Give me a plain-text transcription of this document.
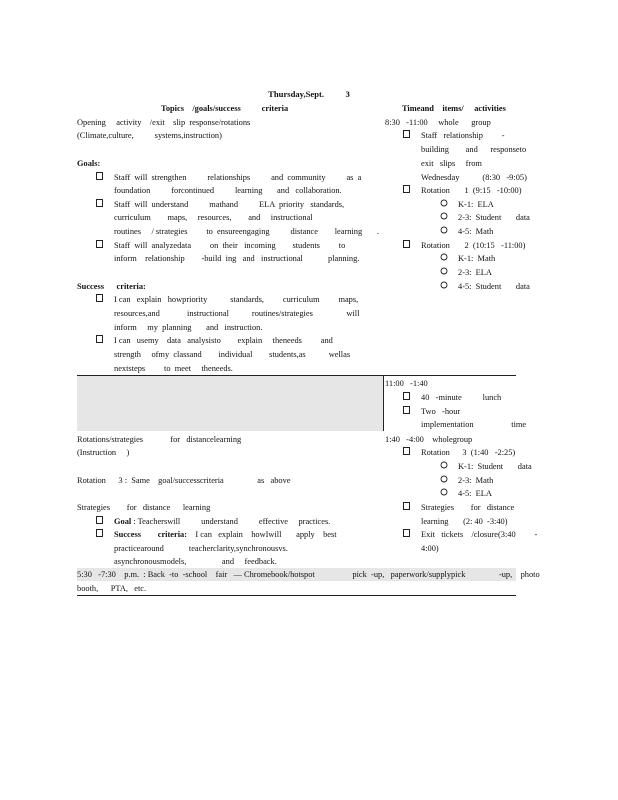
Thursday,Sept.          3
Topics    /goals/success          criteria	Timeand    items/     activities
Opening     activity    /exit    slip  response/rotations
(Climate,culture,          systems,instruction)
Goals:
Staff  will  strengthen          relationships          and  community          as  a
foundation          forcontinued          learning       and   collaboration.
Staff  will  understand          mathand          ELA  priority   standards,
curriculum        maps,     resources,        and     instructional
routines     / strategies         to  ensureengaging          distance        learning       .
Staff  will  analyzedata         on  their   incoming        students         to
inform    relationship        -build  ing   and   instructional            planning.
Success      criteria:
I can   explain   howpriority           standards,         curriculum         maps,
resources,and             instructional           routines/strategies                will
inform     my  planning       and   instruction.
I can   usemy    data   analysisto        explain     theneeds         and
strength     ofmy  classand        individual        students,as           wellas
nextsteps         to  meet     theneeds.
8:30   -11:00     whole      group
Staff   relationship         -
building        and      responseto
exit   slips     from
Wednesday           (8:30   -9:05)
Rotation       1  (9:15   -10:00)
K-1:  ELA
2-3:  Student       data
4-5:  Math
Rotation       2  (10:15   -11:00)
K-1:  Math
2-3:  ELA
4-5:  Student       data
11:00   -1:40
40   -minute          lunch
Two   -hour
implementation                  time
Rotations/strategies             for   distancelearning
(Instruction     )
Rotation      3 :  Same    goal/successcriteria                as   above
Strategies        for   distance      learning
Goal : Teacherswill          understand          effective     practices.
Success        criteria:    I can   explain    howIwill       apply    best
practicearound            teacherclarity,synchronousvs.
asynchronousmodels,                 and     feedback.
1:40   -4:00    wholegroup
Rotation      3  (1:40   -2:25)
K-1:  Student       data
2-3:  Math
4-5:  ELA
Strategies        for   distance
learning       (2: 40  -3:40)
Exit   tickets    /closure(3:40         -
4:00)
5:30   -7:30    p.m.  : Back  -to  -school    fair   — Chromebook/hotspot                  pick  -up,   paperwork/supplypick                -up,    photo
booth,      PTA,   etc.
